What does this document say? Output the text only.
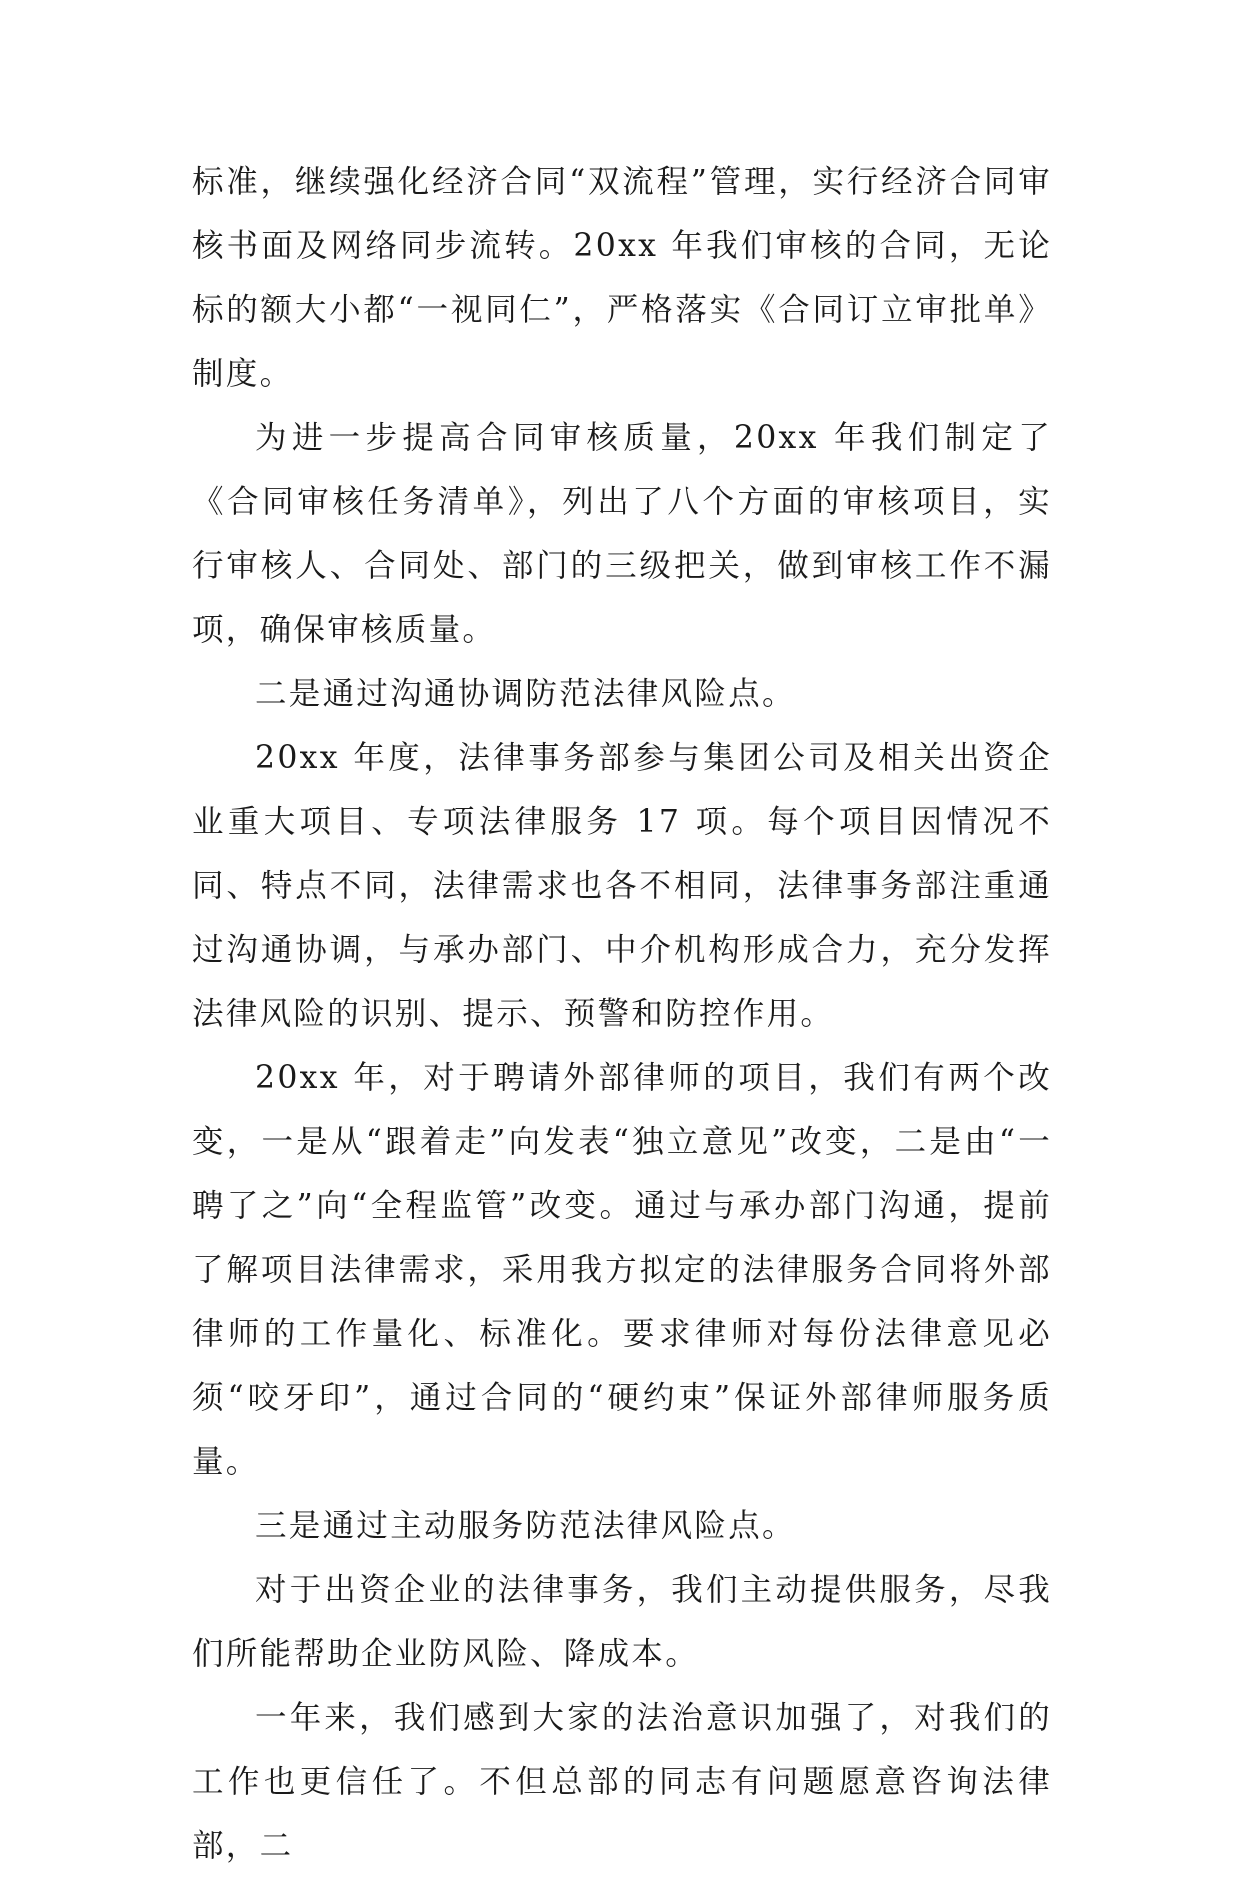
标准，继续强化经济合同“双流程”管理，实行经济合同审核书面及网络同步流转。20xx 年我们审核的合同，无论标的额大小都“一视同仁”，严格落实《合同订立审批单》制度。

为进一步提高合同审核质量，20xx 年我们制定了《合同审核任务清单》，列出了八个方面的审核项目，实行审核人、合同处、部门的三级把关，做到审核工作不漏项，确保审核质量。

二是通过沟通协调防范法律风险点。

20xx 年度，法律事务部参与集团公司及相关出资企业重大项目、专项法律服务 17 项。每个项目因情况不同、特点不同，法律需求也各不相同，法律事务部注重通过沟通协调，与承办部门、中介机构形成合力，充分发挥法律风险的识别、提示、预警和防控作用。

20xx 年，对于聘请外部律师的项目，我们有两个改变，一是从“跟着走”向发表“独立意见”改变，二是由“一聘了之”向“全程监管”改变。通过与承办部门沟通，提前了解项目法律需求，采用我方拟定的法律服务合同将外部律师的工作量化、标准化。要求律师对每份法律意见必须“咬牙印”，通过合同的“硬约束”保证外部律师服务质量。

三是通过主动服务防范法律风险点。

对于出资企业的法律事务，我们主动提供服务，尽我们所能帮助企业防风险、降成本。

一年来，我们感到大家的法治意识加强了，对我们的工作也更信任了。不但总部的同志有问题愿意咨询法律部，二
